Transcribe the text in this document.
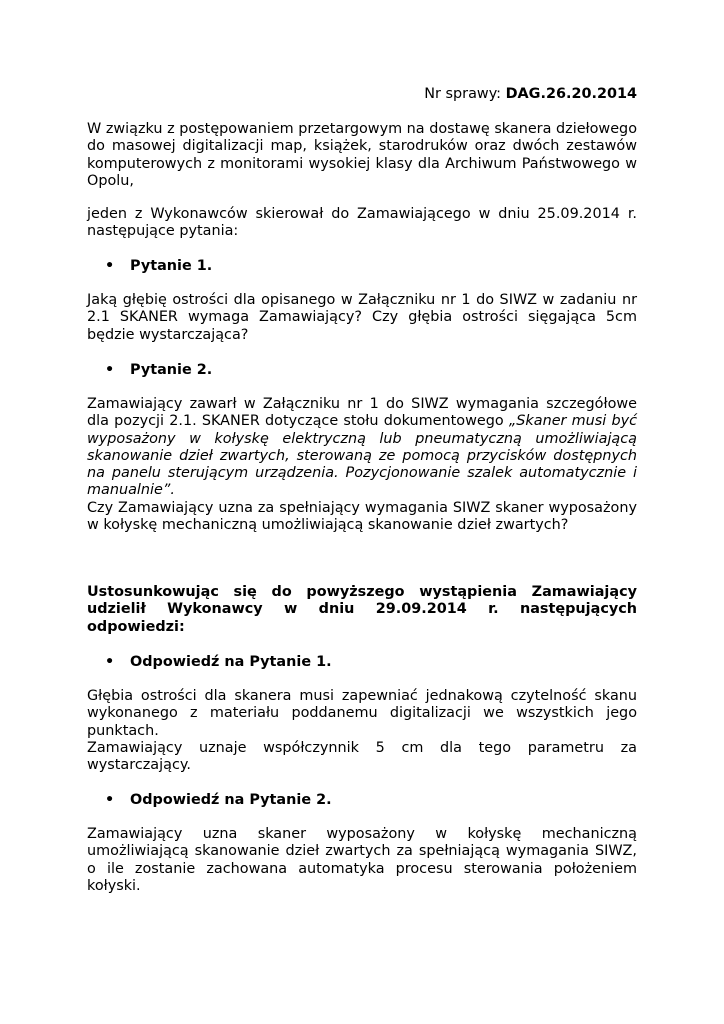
Nr sprawy: DAG.26.20.2014

W związku z postępowaniem przetargowym na dostawę skanera dziełowego do masowej digitalizacji map, książek, starodruków oraz dwóch zestawów komputerowych z monitorami wysokiej klasy dla Archiwum Państwowego w Opolu,

jeden z Wykonawców skierował do Zamawiającego w dniu 25.09.2014 r. następujące pytania:

• Pytanie 1.

Jaką głębię ostrości dla opisanego w Załączniku nr 1 do SIWZ w zadaniu nr 2.1 SKANER wymaga Zamawiający? Czy głębia ostrości sięgająca 5cm będzie wystarczająca?

• Pytanie 2.
Zamawiający zawarł w Załączniku nr 1 do SIWZ wymagania szczegółowe dla pozycji 2.1. SKANER dotyczące stołu dokumentowego „Skaner musi być wyposażony w kołyskę elektryczną lub pneumatyczną umożliwiającą skanowanie dzieł zwartych, sterowaną ze pomocą przycisków dostępnych na panelu sterującym urządzenia. Pozycjonowanie szalek automatycznie i manualnie”.
Czy Zamawiający uzna za spełniający wymagania SIWZ skaner wyposażony w kołyskę mechaniczną umożliwiającą skanowanie dzieł zwartych?

Ustosunkowując się do powyższego wystąpienia Zamawiający udzielił Wykonawcy w dniu 29.09.2014 r. następujących odpowiedzi:

• Odpowiedź na Pytanie 1.
Głębia ostrości dla skanera musi zapewniać jednakową czytelność skanu wykonanego z materiału poddanemu digitalizacji we wszystkich jego punktach.
Zamawiający uznaje współczynnik 5 cm dla tego parametru za wystarczający.
• Odpowiedź na Pytanie 2.

Zamawiający uzna skaner wyposażony w kołyskę mechaniczną umożliwiającą skanowanie dzieł zwartych za spełniającą wymagania SIWZ, o ile zostanie zachowana automatyka procesu sterowania położeniem kołyski.
